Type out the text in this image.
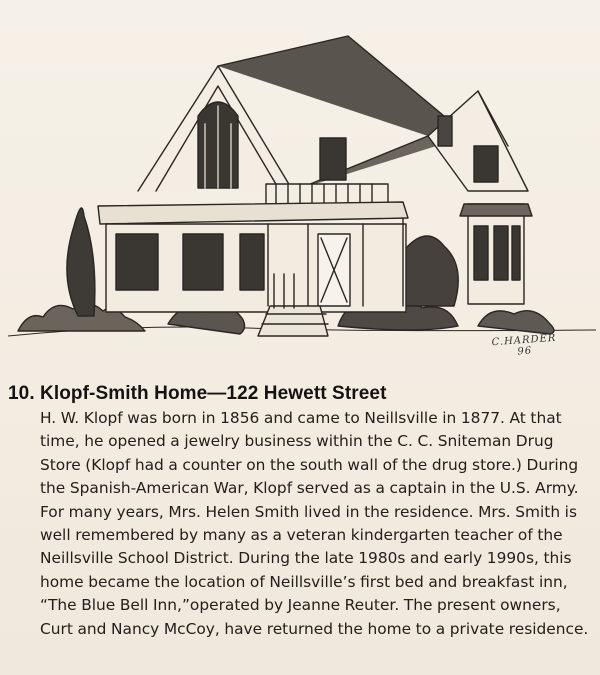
C.HARDER
96
10. Klopf-Smith Home—122 Hewett Street

H. W. Klopf was born in 1856 and came to Neillsville in 1877. At that time, he opened a jewelry business within the C. C. Sniteman Drug Store (Klopf had a counter on the south wall of the drug store.) During the Spanish-American War, Klopf served as a captain in the U.S. Army. For many years, Mrs. Helen Smith lived in the residence. Mrs. Smith is well remembered by many as a veteran kindergarten teacher of the Neillsville School District. During the late 1980s and early 1990s, this home became the location of Neillsville’s first bed and breakfast inn, “The Blue Bell Inn,”operated by Jeanne Reuter. The present owners, Curt and Nancy McCoy, have returned the home to a private residence.
